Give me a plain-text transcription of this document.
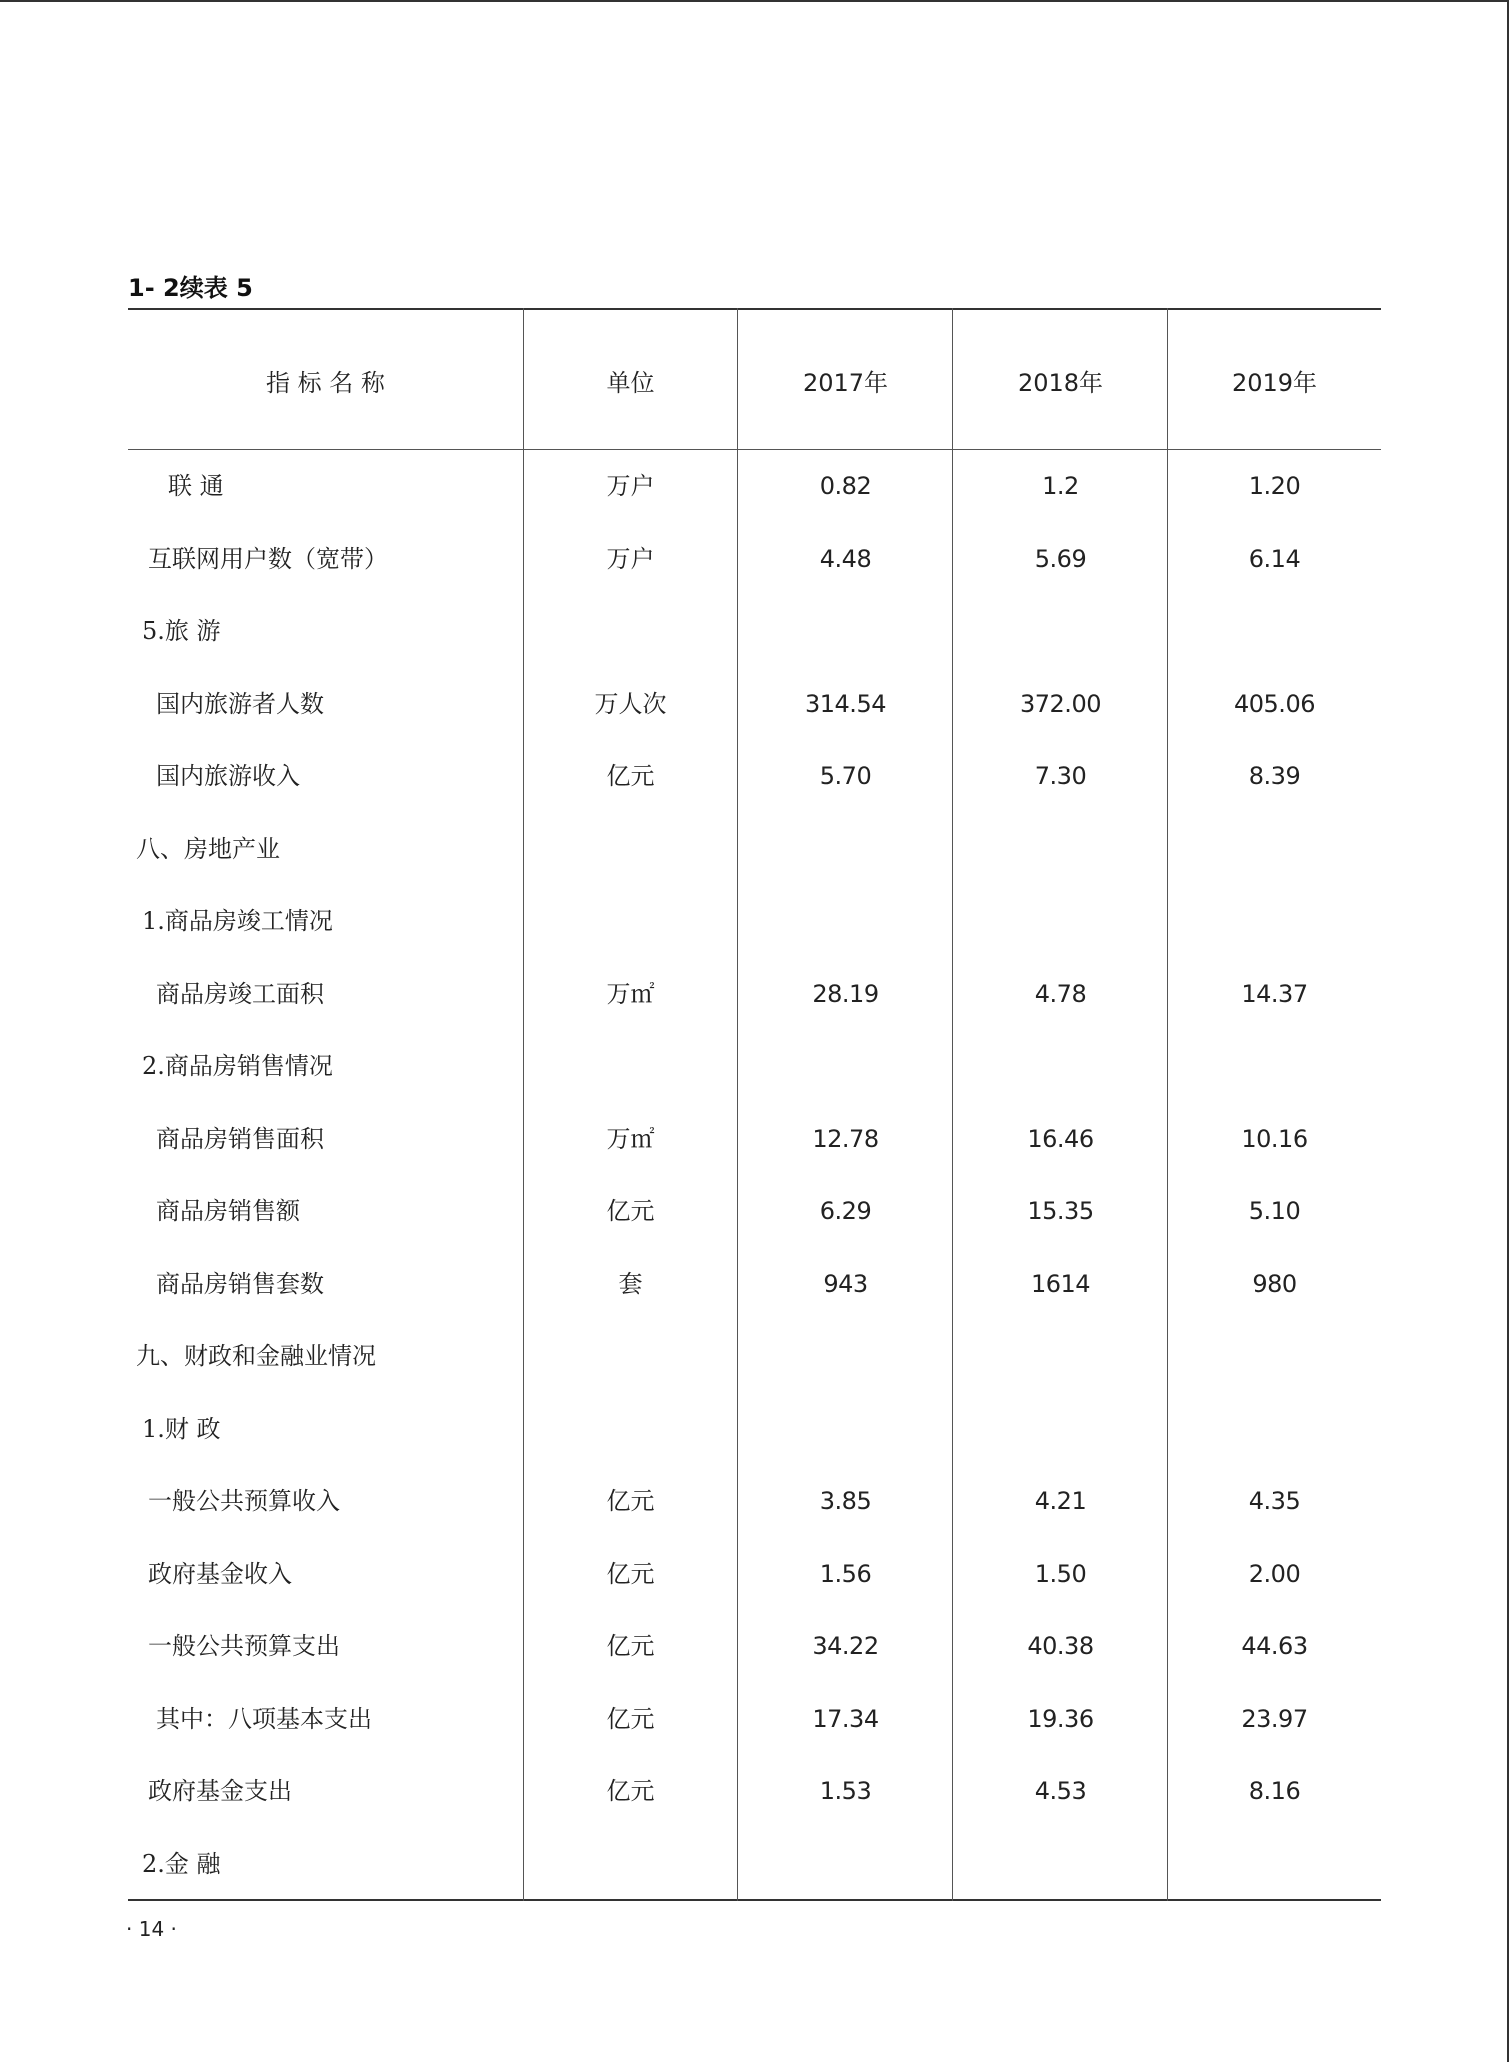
1- 2续表 5
指 标 名 称	单位	2017年	2018年	2019年
联 通	万户	0.82	1.2	1.20
互联网用户数（宽带）	万户	4.48	5.69	6.14
5.旅 游
国内旅游者人数	万人次	314.54	372.00	405.06
国内旅游收入	亿元	5.70	7.30	8.39
八、房地产业
1.商品房竣工情况
商品房竣工面积	万㎡	28.19	4.78	14.37
2.商品房销售情况
商品房销售面积	万㎡	12.78	16.46	10.16
商品房销售额	亿元	6.29	15.35	5.10
商品房销售套数	套	943	1614	980
九、财政和金融业情况
1.财 政
一般公共预算收入	亿元	3.85	4.21	4.35
政府基金收入	亿元	1.56	1.50	2.00
一般公共预算支出	亿元	34.22	40.38	44.63
其中：八项基本支出	亿元	17.34	19.36	23.97
政府基金支出	亿元	1.53	4.53	8.16
2.金 融
· 14 ·
